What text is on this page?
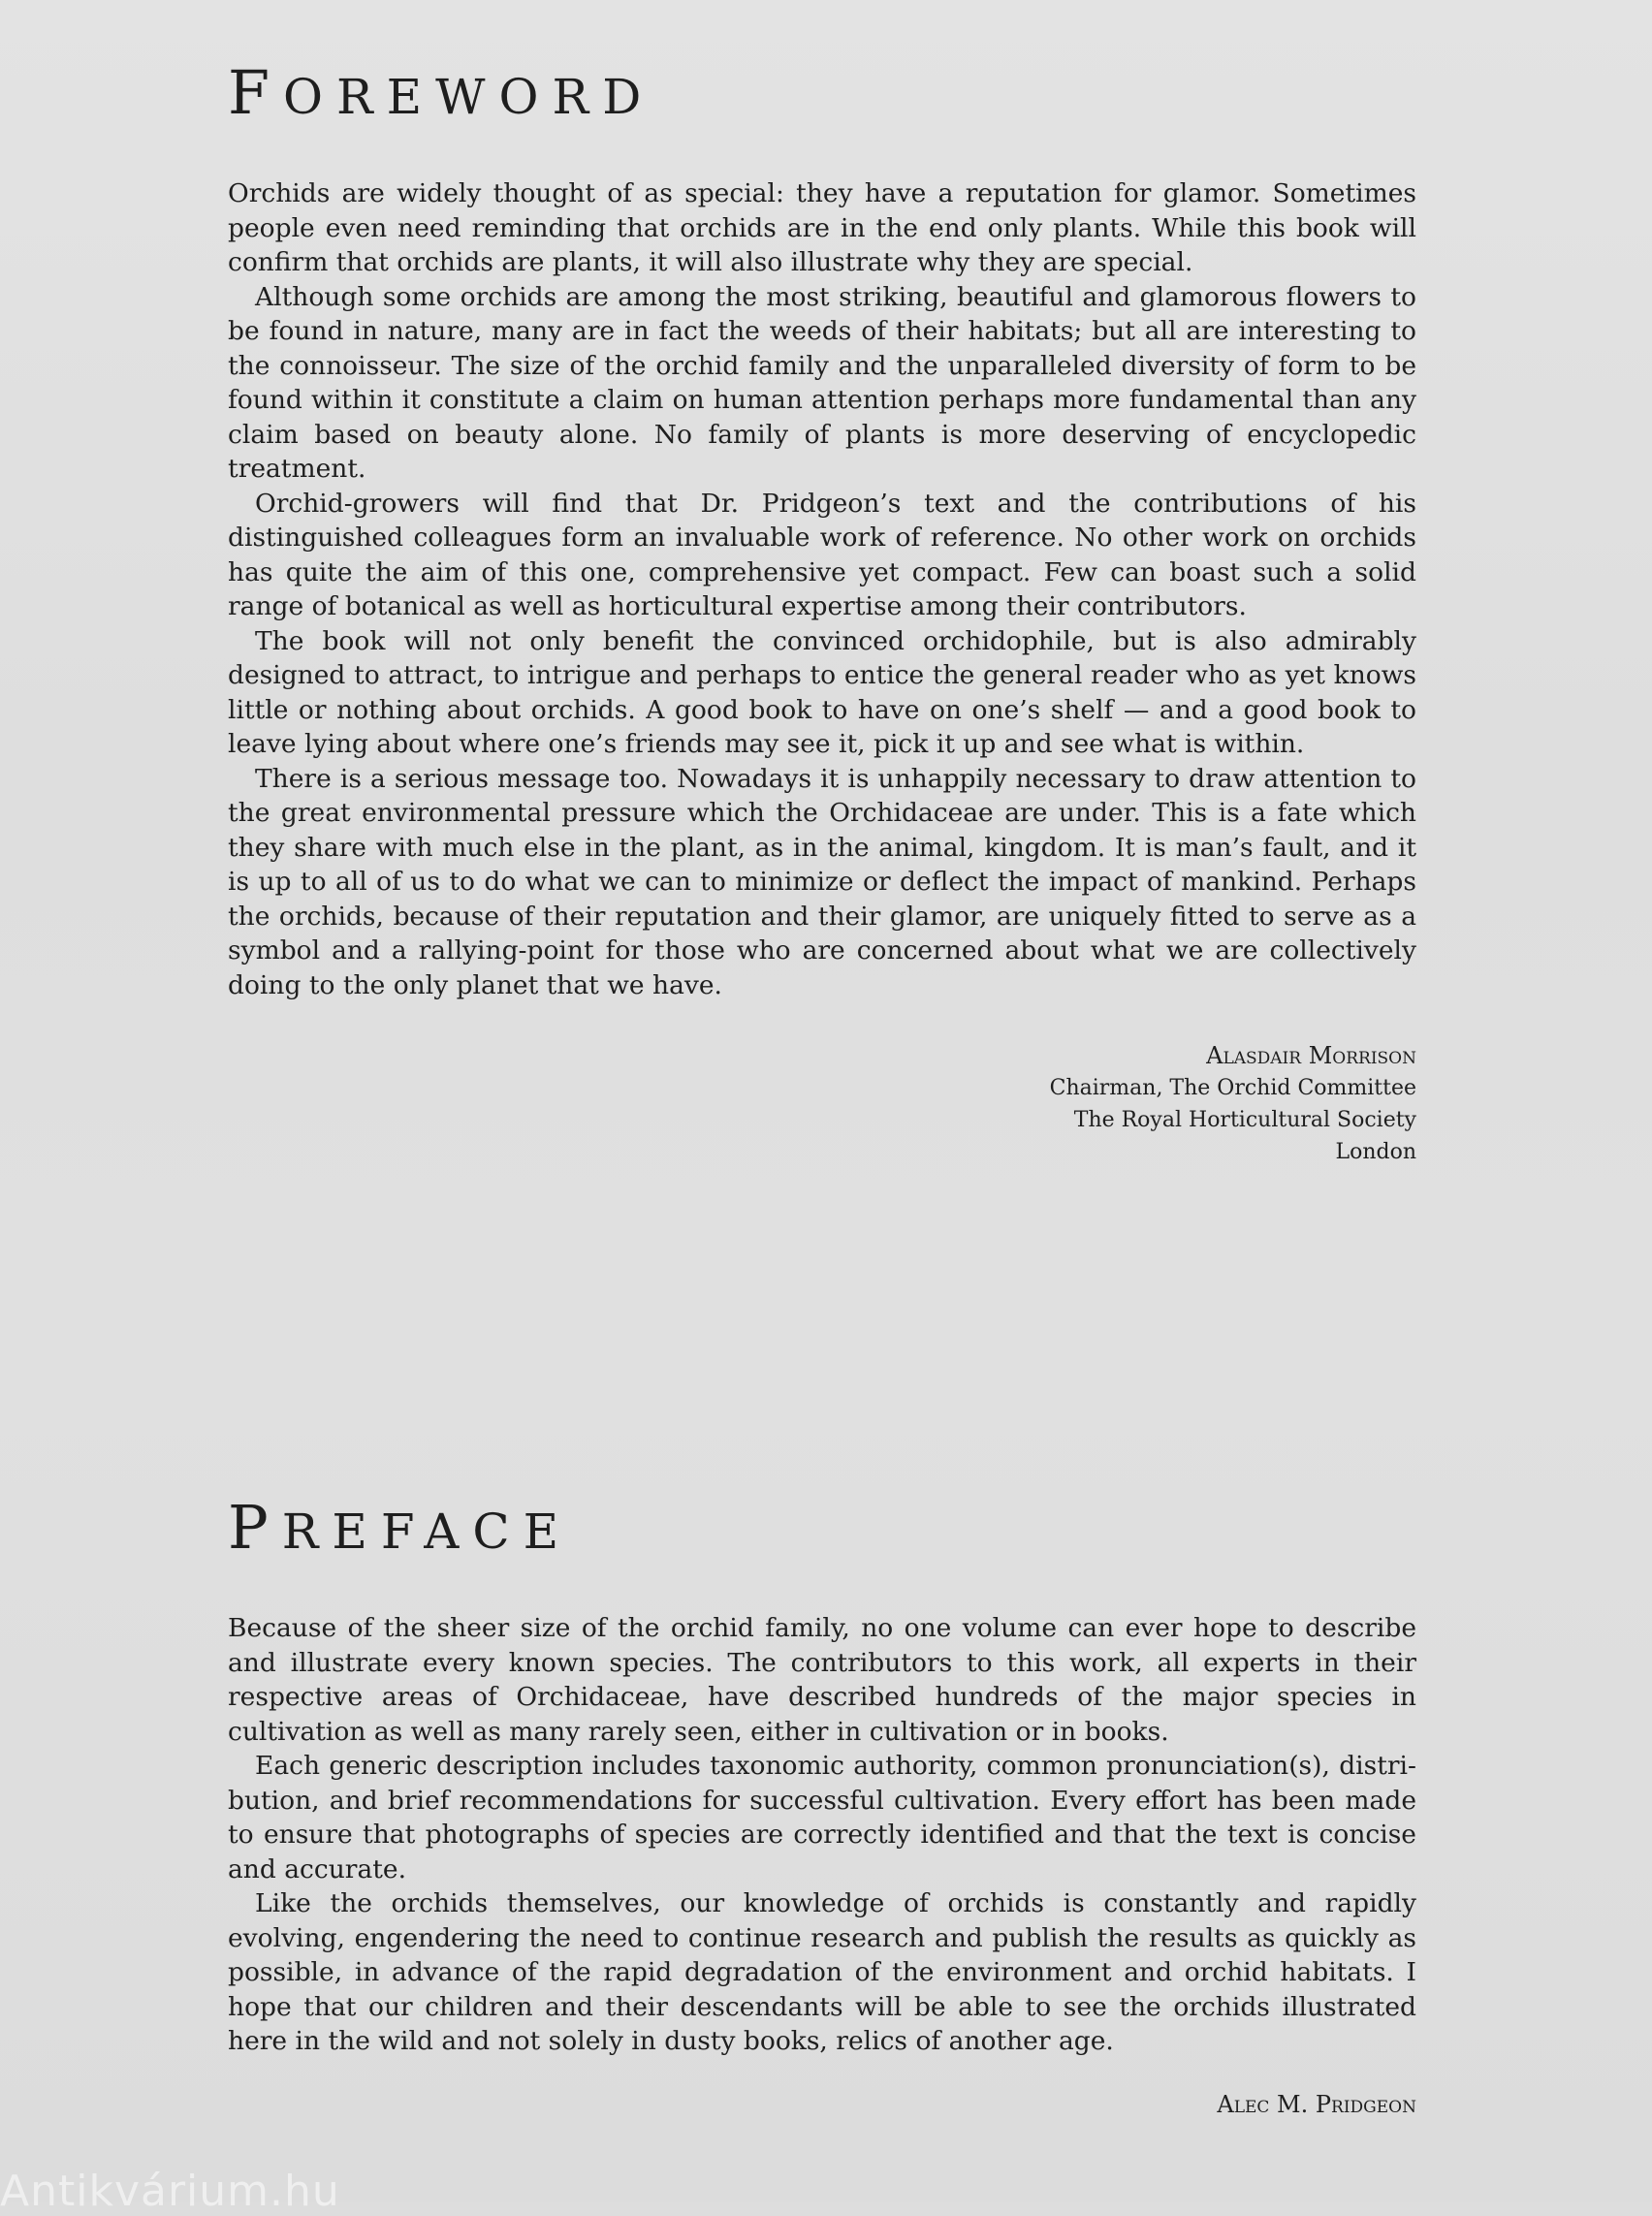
FOREWORD

Orchids are widely thought of as special: they have a reputation for glamor. Sometimes people even need reminding that orchids are in the end only plants. While this book will confirm that orchids are plants, it will also illustrate why they are special.

Although some orchids are among the most striking, beautiful and glamorous flowers to be found in nature, many are in fact the weeds of their habitats; but all are interesting to the connoisseur. The size of the orchid family and the unparalleled diversity of form to be found within it constitute a claim on human attention perhaps more fundamental than any claim based on beauty alone. No family of plants is more deserving of encyclopedic treatment.

Orchid-growers will find that Dr. Pridgeon’s text and the contributions of his distinguished colleagues form an invaluable work of reference. No other work on orchids has quite the aim of this one, comprehensive yet compact. Few can boast such a solid range of botanical as well as horticultural expertise among their contributors.

The book will not only benefit the convinced orchidophile, but is also admirably designed to attract, to intrigue and perhaps to entice the general reader who as yet knows little or nothing about orchids. A good book to have on one’s shelf — and a good book to leave lying about where one’s friends may see it, pick it up and see what is within.

There is a serious message too. Nowadays it is unhappily necessary to draw attention to the great environmental pressure which the Orchidaceae are under. This is a fate which they share with much else in the plant, as in the animal, kingdom. It is man’s fault, and it is up to all of us to do what we can to minimize or deflect the impact of mankind. Perhaps the orchids, because of their reputation and their glamor, are uniquely fitted to serve as a symbol and a rallying-point for those who are concerned about what we are collectively doing to the only planet that we have.

Alasdair Morrison
Chairman, The Orchid Committee
The Royal Horticultural Society
London
PREFACE

Because of the sheer size of the orchid family, no one volume can ever hope to describe and illustrate every known species. The contributors to this work, all experts in their respective areas of Orchidaceae, have described hundreds of the major species in cultivation as well as many rarely seen, either in cultivation or in books.

Each generic description includes taxonomic authority, common pronunciation(s), distribution, and brief recommendations for successful cultivation. Every effort has been made to ensure that photographs of species are correctly identified and that the text is concise and accurate.

Like the orchids themselves, our knowledge of orchids is constantly and rapidly evolving, engendering the need to continue research and publish the results as quickly as possible, in advance of the rapid degradation of the environment and orchid habitats. I hope that our children and their descendants will be able to see the orchids illustrated here in the wild and not solely in dusty books, relics of another age.

Alec M. Pridgeon
Antikvárium.hu
